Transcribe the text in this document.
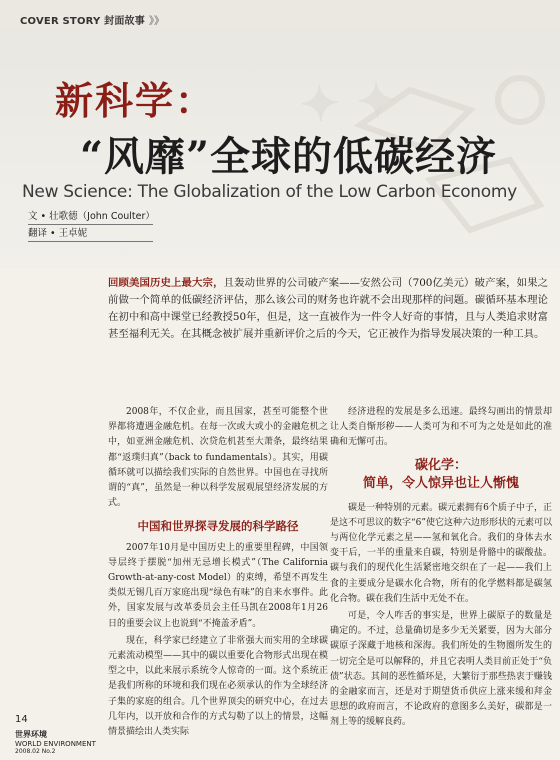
COVER STORY 封面故事 》》
✦ ✦
新科学：
“风靡”全球的低碳经济
New Science: The Globalization of the Low Carbon Economy
文 • 壮歌德（John Coulter）
翻译 • 王卓妮
回顾美国历史上最大宗，且轰动世界的公司破产案——安然公司（700亿美元）破产案，如果之前做一个简单的低碳经济评估，那么该公司的财务也许就不会出现那样的问题。碳循环基本理论在初中和高中课堂已经教授50年，但是，这一直被作为一件令人好奇的事情，且与人类追求财富甚至福利无关。在其概念被扩展并重新评价之后的今天，它正被作为指导发展决策的一种工具。

2008年，不仅企业，而且国家，甚至可能整个世界都将遭遇金融危机。在每一次或大或小的金融危机之中，如亚洲金融危机、次贷危机甚至大萧条，最终结果都“返璞归真”（back to fundamentals）。其实，用碳循环就可以描绘我们实际的自然世界。中国也在寻找所谓的“真”，虽然是一种以科学发展观展望经济发展的方式。

中国和世界探寻发展的科学路径

2007年10月是中国历史上的重要里程碑，中国领导层终于摆脱“加州无忌增长模式”（The California Growth-at-any-cost Model）的束缚，希望不再发生类似无锡几百万家庭出现“绿色有味”的自来水事件。此外，国家发展与改革委员会主任马凯在2008年1月26日的重要会议上也说到“不掩盖矛盾”。

现在，科学家已经建立了非常强大而实用的全球碳元素流动模型——其中的碳以重要化合物形式出现在模型之中，以此来展示系统令人惊奇的一面。这个系统正是我们所称的环境和我们现在必须承认的作为全球经济子集的家庭的组合。几个世界顶尖的研究中心，在过去几年内，以开放和合作的方式勾勒了以上的情景，这幅情景描绘出人类实际

经济进程的发展是多么迅速。最终勾画出的情景却让人类自惭形秽——人类可为和不可为之处是如此的准确和无懈可击。

碳化学：
简单，令人惊异也让人惭愧

碳是一种特别的元素。碳元素拥有6个质子中子，正是这不可思议的数字“6”使它这种六边形形状的元素可以与两位化学元素之星——氢和氧化合。我们的身体去水变干后，一半的重量来自碳，特别是骨骼中的碳酸盐。碳与我们的现代化生活紧密地交织在了一起——我们上食的主要成分是碳水化合物，所有的化学燃料都是碳氢化合物。碳在我们生活中无处不在。

可是，令人咋舌的事实是，世界上碳原子的数量是确定的。不过，总量确切是多少无关紧要，因为大部分碳原子深藏于地核和深海。我们所处的生物圈所发生的一切完全是可以解释的，并且它表明人类目前正处于“负债”状态。其间的恶性循环是，大繁衍于那些热衷于赚钱的金融家而言，还是对于期望货币供应上涨来缓和拜金思想的政府而言，不论政府的意图多么美好，碳都是一剂上等的缓解良药。

14
世界环境
WORLD ENVIRONMENT
2008.02 No.2
